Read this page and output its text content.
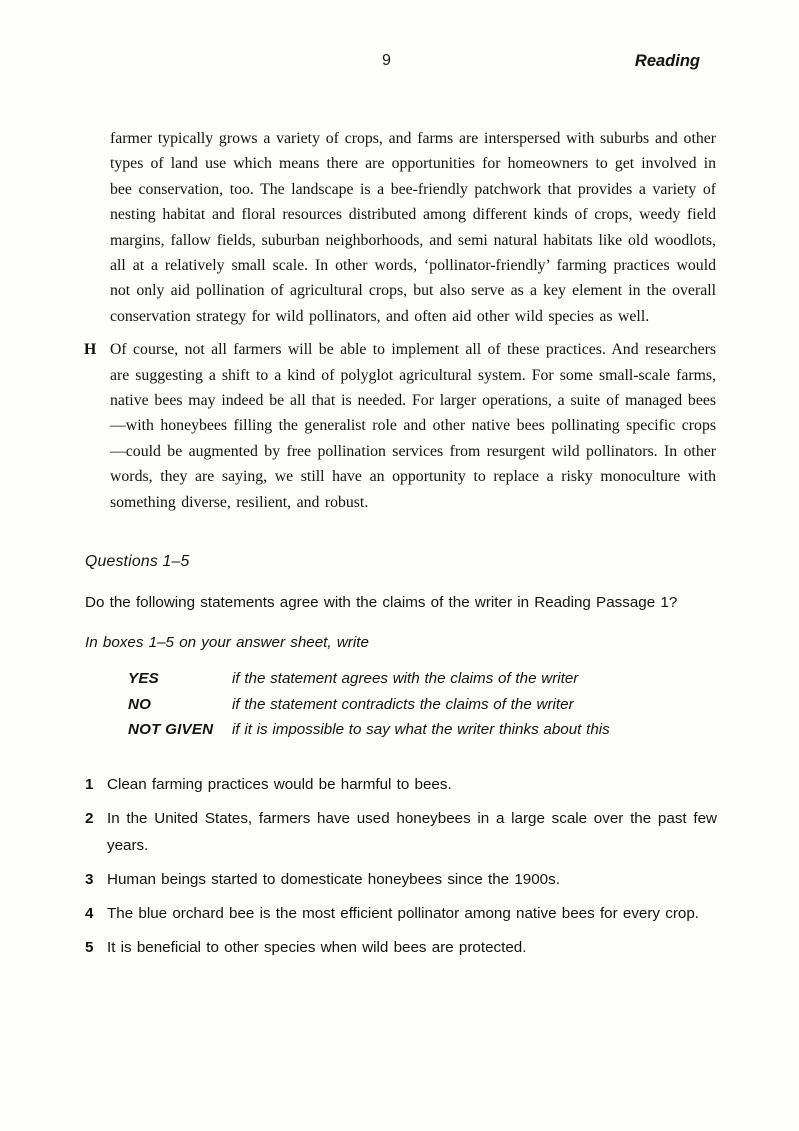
9	Reading

farmer typically grows a variety of crops, and farms are interspersed with suburbs and other types of land use which means there are opportunities for homeowners to get involved in bee conservation, too. The landscape is a bee-friendly patchwork that provides a variety of nesting habitat and floral resources distributed among different kinds of crops, weedy field margins, fallow fields, suburban neighborhoods, and semi natural habitats like old woodlots, all at a relatively small scale. In other words, ‘pollinator-friendly’ farming practices would not only aid pollination of agricultural crops, but also serve as a key element in the overall conservation strategy for wild pollinators, and often aid other wild species as well.

H Of course, not all farmers will be able to implement all of these practices. And researchers are suggesting a shift to a kind of polyglot agricultural system. For some small-scale farms, native bees may indeed be all that is needed. For larger operations, a suite of managed bees—with honeybees filling the generalist role and other native bees pollinating specific crops—could be augmented by free pollination services from resurgent wild pollinators. In other words, they are saying, we still have an opportunity to replace a risky monoculture with something diverse, resilient, and robust.

Questions 1–5

Do the following statements agree with the claims of the writer in Reading Passage 1?

In boxes 1–5 on your answer sheet, write

YES	if the statement agrees with the claims of the writer
NO	if the statement contradicts the claims of the writer
NOT GIVEN	if it is impossible to say what the writer thinks about this
1 Clean farming practices would be harmful to bees.
2 In the United States, farmers have used honeybees in a large scale over the past few years.
3 Human beings started to domesticate honeybees since the 1900s.
4 The blue orchard bee is the most efficient pollinator among native bees for every crop.
5 It is beneficial to other species when wild bees are protected.
